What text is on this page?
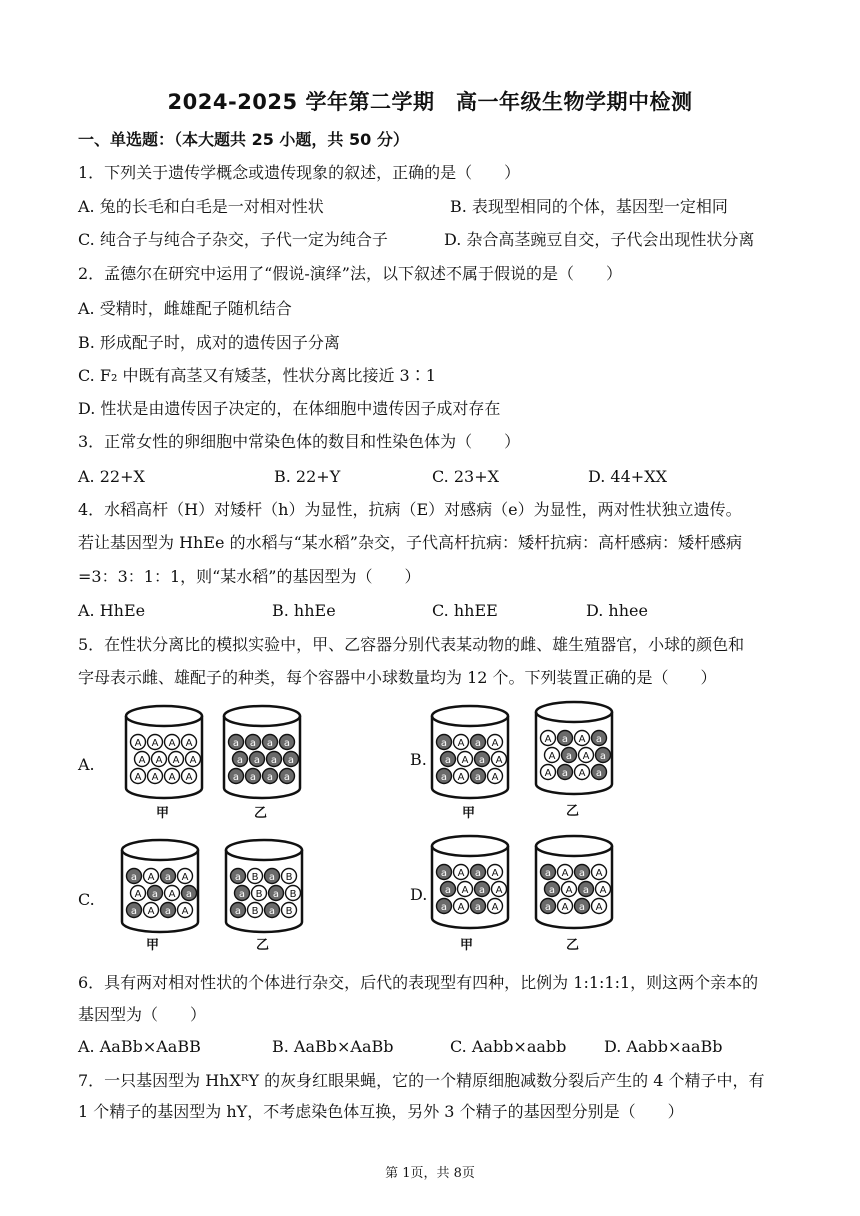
2024-2025 学年第二学期　高一年级生物学期中检测
一、单选题：（本大题共 25 小题，共 50 分）
1．下列关于遗传学概念或遗传现象的叙述，正确的是（　　）
A. 兔的长毛和白毛是一对相对性状	B. 表现型相同的个体，基因型一定相同
C. 纯合子与纯合子杂交，子代一定为纯合子	D. 杂合高茎豌豆自交，子代会出现性状分离
2．孟德尔在研究中运用了“假说-演绎”法，以下叙述不属于假说的是（　　）
A. 受精时，雌雄配子随机结合
B. 形成配子时，成对的遗传因子分离
C. F₂ 中既有高茎又有矮茎，性状分离比接近 3∶1
D. 性状是由遗传因子决定的，在体细胞中遗传因子成对存在
3．正常女性的卵细胞中常染色体的数目和性染色体为（　　）
A. 22+X	B. 22+Y	C. 23+X	D. 44+XX
4．水稻高杆（H）对矮杆（h）为显性，抗病（E）对感病（e）为显性，两对性状独立遗传。
若让基因型为 HhEe 的水稻与“某水稻”杂交，子代高杆抗病：矮杆抗病：高杆感病：矮杆感病
=3：3：1：1，则“某水稻”的基因型为（　　）
A. HhEe	B. hhEe	C. hhEE	D. hhee
5．在性状分离比的模拟实验中，甲、乙容器分别代表某动物的雌、雄生殖器官，小球的颜色和
字母表示雌、雄配子的种类，每个容器中小球数量均为 12 个。下列装置正确的是（　　）
A.	B.
C.	D.
A A A A
A A A A
A A A A
a a a a
a a a a
a a a a
a A a A
a A a A
a A a A
A a A a
A a A a
A a A a
a A a A
A a A a
a A a A
a B a B
a B a B
a B a B
a A a A
a A a A
a A a A
a A a A
a A a A
a A a A
甲	乙	甲	乙
甲	乙	甲	乙
6．具有两对相对性状的个体进行杂交，后代的表现型有四种，比例为 1:1:1:1，则这两个亲本的
基因型为（　　）
A. AaBb×AaBB	B. AaBb×AaBb	C. Aabb×aabb D. Aabb×aaBb
7．一只基因型为 HhXᴿY 的灰身红眼果蝇，它的一个精原细胞减数分裂后产生的 4 个精子中，有
1 个精子的基因型为 hY，不考虑染色体互换，另外 3 个精子的基因型分别是（　　）
第 1页，共 8页
